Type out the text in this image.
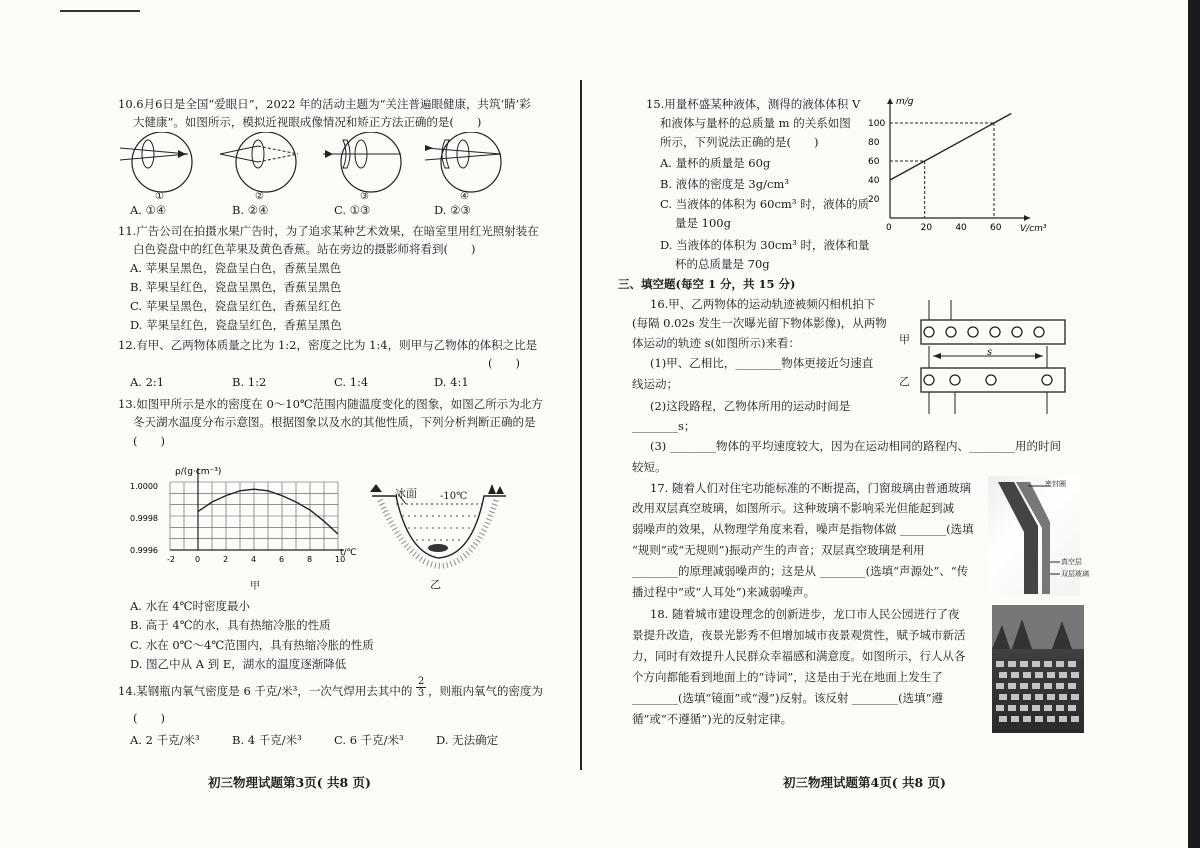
10.6月6日是全国“爱眼日”，2022 年的活动主题为“关注普遍眼健康，共筑‘睛’彩
大健康”。如图所示，模拟近视眼成像情况和矫正方法正确的是(　　)
①	②	③	④
A. ①④	B. ②④	C. ①③	D. ②③
11.广告公司在拍摄水果广告时，为了追求某种艺术效果，在暗室里用红光照射装在
白色瓷盘中的红色苹果及黄色香蕉。站在旁边的摄影师将看到(　　)
A. 苹果呈黑色，瓷盘呈白色，香蕉呈黑色
B. 苹果呈红色，瓷盘呈黑色，香蕉呈黑色
C. 苹果呈黑色，瓷盘呈红色，香蕉呈红色
D. 苹果呈红色，瓷盘呈红色，香蕉呈黑色
12.有甲、乙两物体质量之比为 1:2，密度之比为 1:4，则甲与乙物体的体积之比是
(　　)
A. 2:1	B. 1:2	C. 1:4	D. 4:1
13.如图甲所示是水的密度在 0～10℃范围内随温度变化的图象，如图乙所示为北方
冬天湖水温度分布示意图。根据图象以及水的其他性质，下列分析判断正确的是
(　　)
-2	0	2	4	6	8	10
1.0000
0.9998
0.9996
ρ/(g·cm⁻³)
t/℃
甲
冰面 -10℃
乙
A. 水在 4℃时密度最小
B. 高于 4℃的水，具有热缩冷胀的性质
C. 水在 0℃～4℃范围内，具有热缩冷胀的性质
D. 图乙中从 A 到 E，湖水的温度逐渐降低
14.某钢瓶内氧气密度是 6 千克/米³，一次气焊用去其中的 $\frac{2}{3}$ ，则瓶内氧气的密度为
(　　)
A. 2 千克/米³	B. 4 千克/米³	C. 6 千克/米³	D. 无法确定
初三物理试题第3页( 共8 页)
15.用量杯盛某种液体，测得的液体体积 V
和液体与量杯的总质量 m 的关系如图
所示，下列说法正确的是(　　)
A. 量杯的质量是 60g
B. 液体的密度是 3g/cm³
C. 当液体的体积为 60cm³ 时，液体的质
量是 100g
D. 当液体的体积为 30cm³ 时，液体和量
杯的总质量是 70g
0	20	40	60
100
80
60
40
20
m/g
V/cm³
三、填空题(每空 1 分，共 15 分)
16.甲、乙两物体的运动轨迹被频闪相机拍下
(每隔 0.02s 发生一次曝光留下物体影像)，从两物
体运动的轨迹 s(如图所示)来看：
(1)甲、乙相比，________物体更接近匀速直
线运动；
(2)这段路程，乙物体所用的运动时间是
________s；
(3) ________物体的平均速度较大，因为在运动相同的路程内、________用的时间
较短。
甲
乙
s
17. 随着人们对住宅功能标准的不断提高，门窗玻璃由普通玻璃
改用双层真空玻璃，如图所示。这种玻璃不影响采光但能起到减
弱噪声的效果，从物理学角度来看，噪声是指物体做 ________(选填
“规则”或“无规则”)振动产生的声音；双层真空玻璃是利用
________的原理减弱噪声的；这是从 ________(选填“声源处”、“传
播过程中”或“人耳处”)来减弱噪声。
密封圈
真空层
双层玻璃
18. 随着城市建设理念的创新进步，龙口市人民公园进行了夜
景提升改造，夜景光影秀不但增加城市夜景观赏性，赋予城市新活
力，同时有效提升人民群众幸福感和满意度。如图所示，行人从各
个方向都能看到地面上的“诗词”，这是由于光在地面上发生了
________(选填“镜面”或“漫”)反射。该反射 ________(选填“遵
循”或“不遵循”)光的反射定律。
初三物理试题第4页( 共8 页)
